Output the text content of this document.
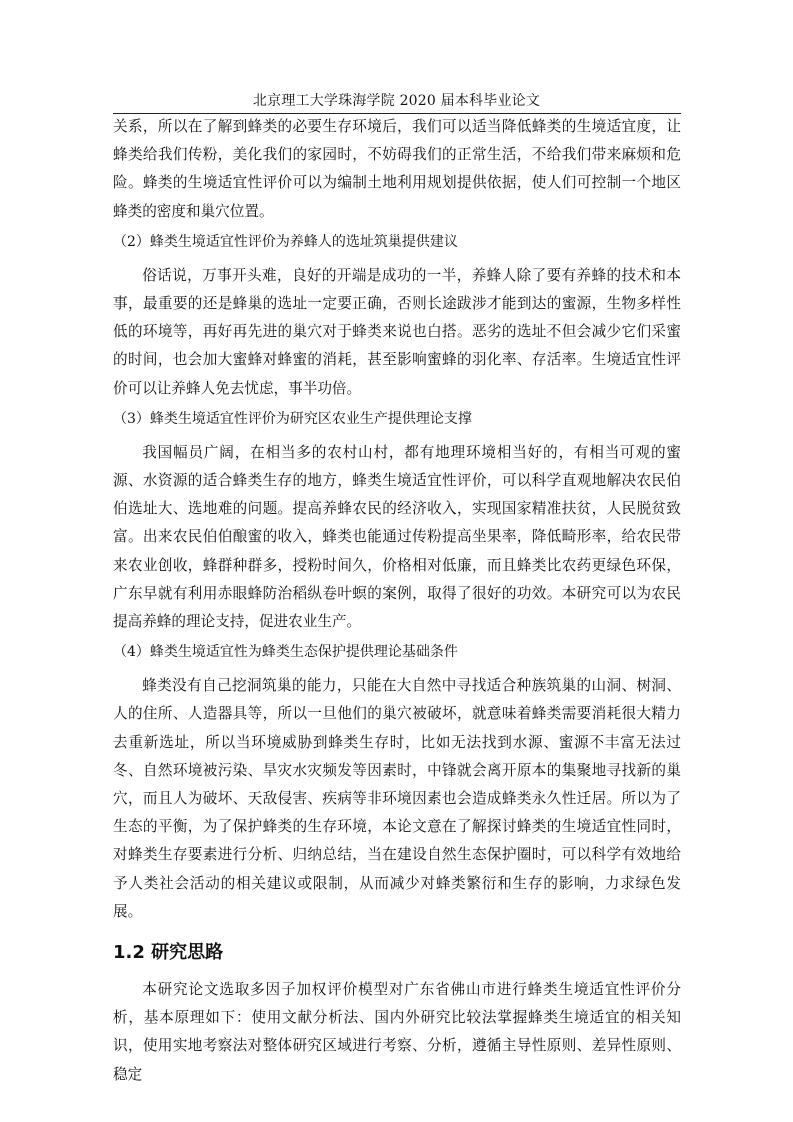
北京理工大学珠海学院 2020 届本科毕业论文

关系，所以在了解到蜂类的必要生存环境后，我们可以适当降低蜂类的生境适宜度，让蜂类给我们传粉，美化我们的家园时，不妨碍我们的正常生活，不给我们带来麻烦和危险。蜂类的生境适宜性评价可以为编制土地利用规划提供依据，使人们可控制一个地区蜂类的密度和巢穴位置。

（2）蜂类生境适宜性评价为养蜂人的选址筑巢提供建议

俗话说，万事开头难，良好的开端是成功的一半，养蜂人除了要有养蜂的技术和本事，最重要的还是蜂巢的选址一定要正确，否则长途跋涉才能到达的蜜源，生物多样性低的环境等，再好再先进的巢穴对于蜂类来说也白搭。恶劣的选址不但会减少它们采蜜的时间，也会加大蜜蜂对蜂蜜的消耗，甚至影响蜜蜂的羽化率、存活率。生境适宜性评价可以让养蜂人免去忧虑，事半功倍。

（3）蜂类生境适宜性评价为研究区农业生产提供理论支撑

我国幅员广阔，在相当多的农村山村，都有地理环境相当好的，有相当可观的蜜源、水资源的适合蜂类生存的地方，蜂类生境适宜性评价，可以科学直观地解决农民伯伯选址大、选地难的问题。提高养蜂农民的经济收入，实现国家精准扶贫，人民脱贫致富。出来农民伯伯酿蜜的收入，蜂类也能通过传粉提高坐果率，降低畸形率，给农民带来农业创收，蜂群种群多，授粉时间久，价格相对低廉，而且蜂类比农药更绿色环保，广东早就有利用赤眼蜂防治稻纵卷叶螟的案例，取得了很好的功效。本研究可以为农民提高养蜂的理论支持，促进农业生产。

（4）蜂类生境适宜性为蜂类生态保护提供理论基础条件

蜂类没有自己挖洞筑巢的能力，只能在大自然中寻找适合种族筑巢的山洞、树洞、人的住所、人造器具等，所以一旦他们的巢穴被破坏，就意味着蜂类需要消耗很大精力去重新选址，所以当环境威胁到蜂类生存时，比如无法找到水源、蜜源不丰富无法过冬、自然环境被污染、旱灾水灾频发等因素时，中锋就会离开原本的集聚地寻找新的巢穴，而且人为破坏、天敌侵害、疾病等非环境因素也会造成蜂类永久性迁居。所以为了生态的平衡，为了保护蜂类的生存环境，本论文意在了解探讨蜂类的生境适宜性同时，对蜂类生存要素进行分析、归纳总结，当在建设自然生态保护圈时，可以科学有效地给予人类社会活动的相关建议或限制，从而减少对蜂类繁衍和生存的影响，力求绿色发展。

1.2 研究思路

本研究论文选取多因子加权评价模型对广东省佛山市进行蜂类生境适宜性评价分析，基本原理如下：使用文献分析法、国内外研究比较法掌握蜂类生境适宜的相关知识，使用实地考察法对整体研究区域进行考察、分析，遵循主导性原则、差异性原则、稳定
